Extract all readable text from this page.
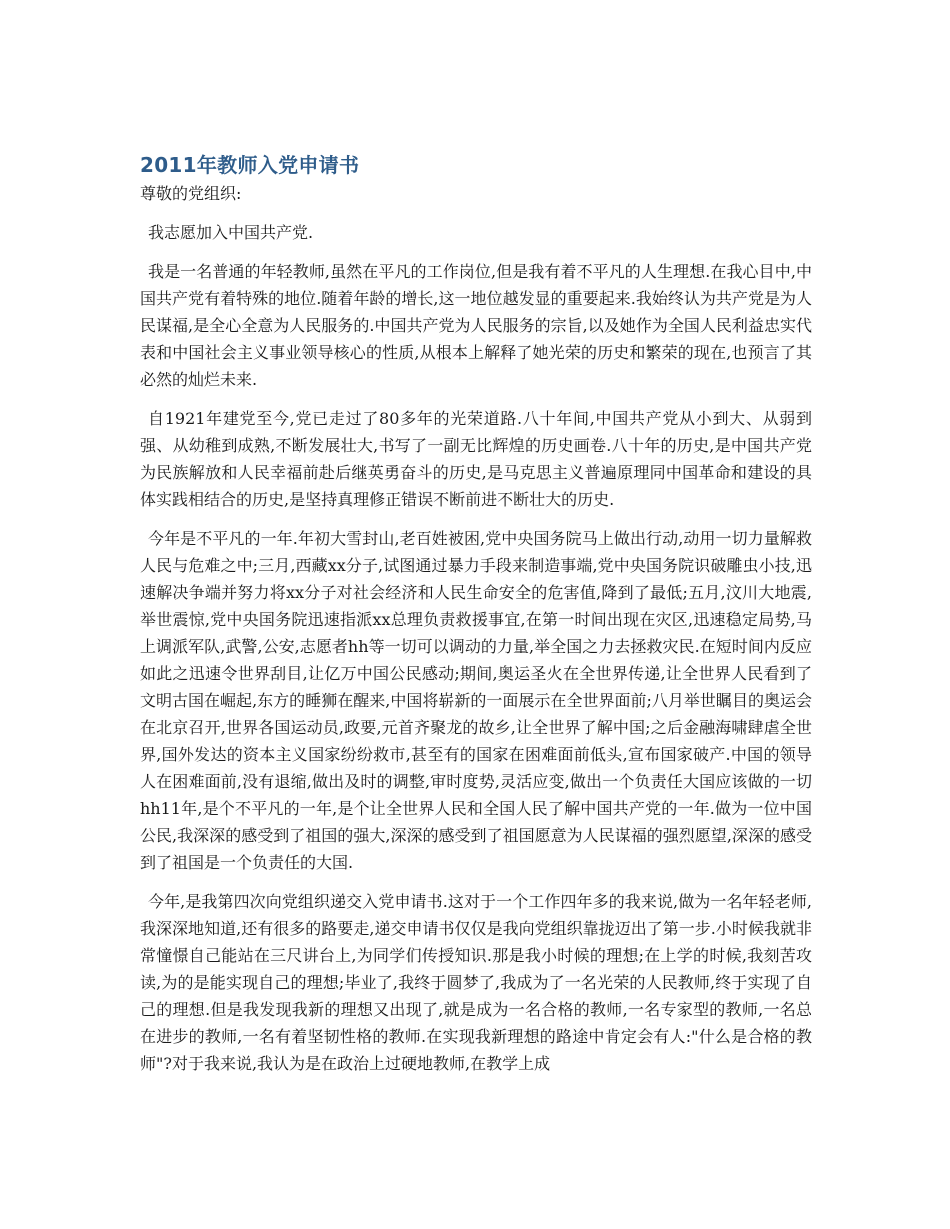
2011年教师入党申请书

尊敬的党组织:

我志愿加入中国共产党.

我是一名普通的年轻教师,虽然在平凡的工作岗位,但是我有着不平凡的人生理想.在我心目中,中国共产党有着特殊的地位.随着年龄的增长,这一地位越发显的重要起来.我始终认为共产党是为人民谋福,是全心全意为人民服务的.中国共产党为人民服务的宗旨,以及她作为全国人民利益忠实代表和中国社会主义事业领导核心的性质,从根本上解释了她光荣的历史和繁荣的现在,也预言了其必然的灿烂未来.

自1921年建党至今,党已走过了80多年的光荣道路.八十年间,中国共产党从小到大、从弱到强、从幼稚到成熟,不断发展壮大,书写了一副无比辉煌的历史画卷.八十年的历史,是中国共产党为民族解放和人民幸福前赴后继英勇奋斗的历史,是马克思主义普遍原理同中国革命和建设的具体实践相结合的历史,是坚持真理修正错误不断前进不断壮大的历史.

今年是不平凡的一年.年初大雪封山,老百姓被困,党中央国务院马上做出行动,动用一切力量解救人民与危难之中;三月,西藏xx分子,试图通过暴力手段来制造事端,党中央国务院识破雕虫小技,迅速解决争端并努力将xx分子对社会经济和人民生命安全的危害值,降到了最低;五月,汶川大地震,举世震惊,党中央国务院迅速指派xx总理负责救援事宜,在第一时间出现在灾区,迅速稳定局势,马上调派军队,武警,公安,志愿者hh等一切可以调动的力量,举全国之力去拯救灾民.在短时间内反应如此之迅速令世界刮目,让亿万中国公民感动;期间,奥运圣火在全世界传递,让全世界人民看到了文明古国在崛起,东方的睡狮在醒来,中国将崭新的一面展示在全世界面前;八月举世瞩目的奥运会在北京召开,世界各国运动员,政要,元首齐聚龙的故乡,让全世界了解中国;之后金融海啸肆虐全世界,国外发达的资本主义国家纷纷救市,甚至有的国家在困难面前低头,宣布国家破产.中国的领导人在困难面前,没有退缩,做出及时的调整,审时度势,灵活应变,做出一个负责任大国应该做的一切hh11年,是个不平凡的一年,是个让全世界人民和全国人民了解中国共产党的一年.做为一位中国公民,我深深的感受到了祖国的强大,深深的感受到了祖国愿意为人民谋福的强烈愿望,深深的感受到了祖国是一个负责任的大国.

今年,是我第四次向党组织递交入党申请书.这对于一个工作四年多的我来说,做为一名年轻老师,我深深地知道,还有很多的路要走,递交申请书仅仅是我向党组织靠拢迈出了第一步.小时候我就非常憧憬自己能站在三尺讲台上,为同学们传授知识.那是我小时候的理想;在上学的时候,我刻苦攻读,为的是能实现自己的理想;毕业了,我终于圆梦了,我成为了一名光荣的人民教师,终于实现了自己的理想.但是我发现我新的理想又出现了,就是成为一名合格的教师,一名专家型的教师,一名总在进步的教师,一名有着坚韧性格的教师.在实现我新理想的路途中肯定会有人:"什么是合格的教师"?对于我来说,我认为是在政治上过硬地教师,在教学上成
